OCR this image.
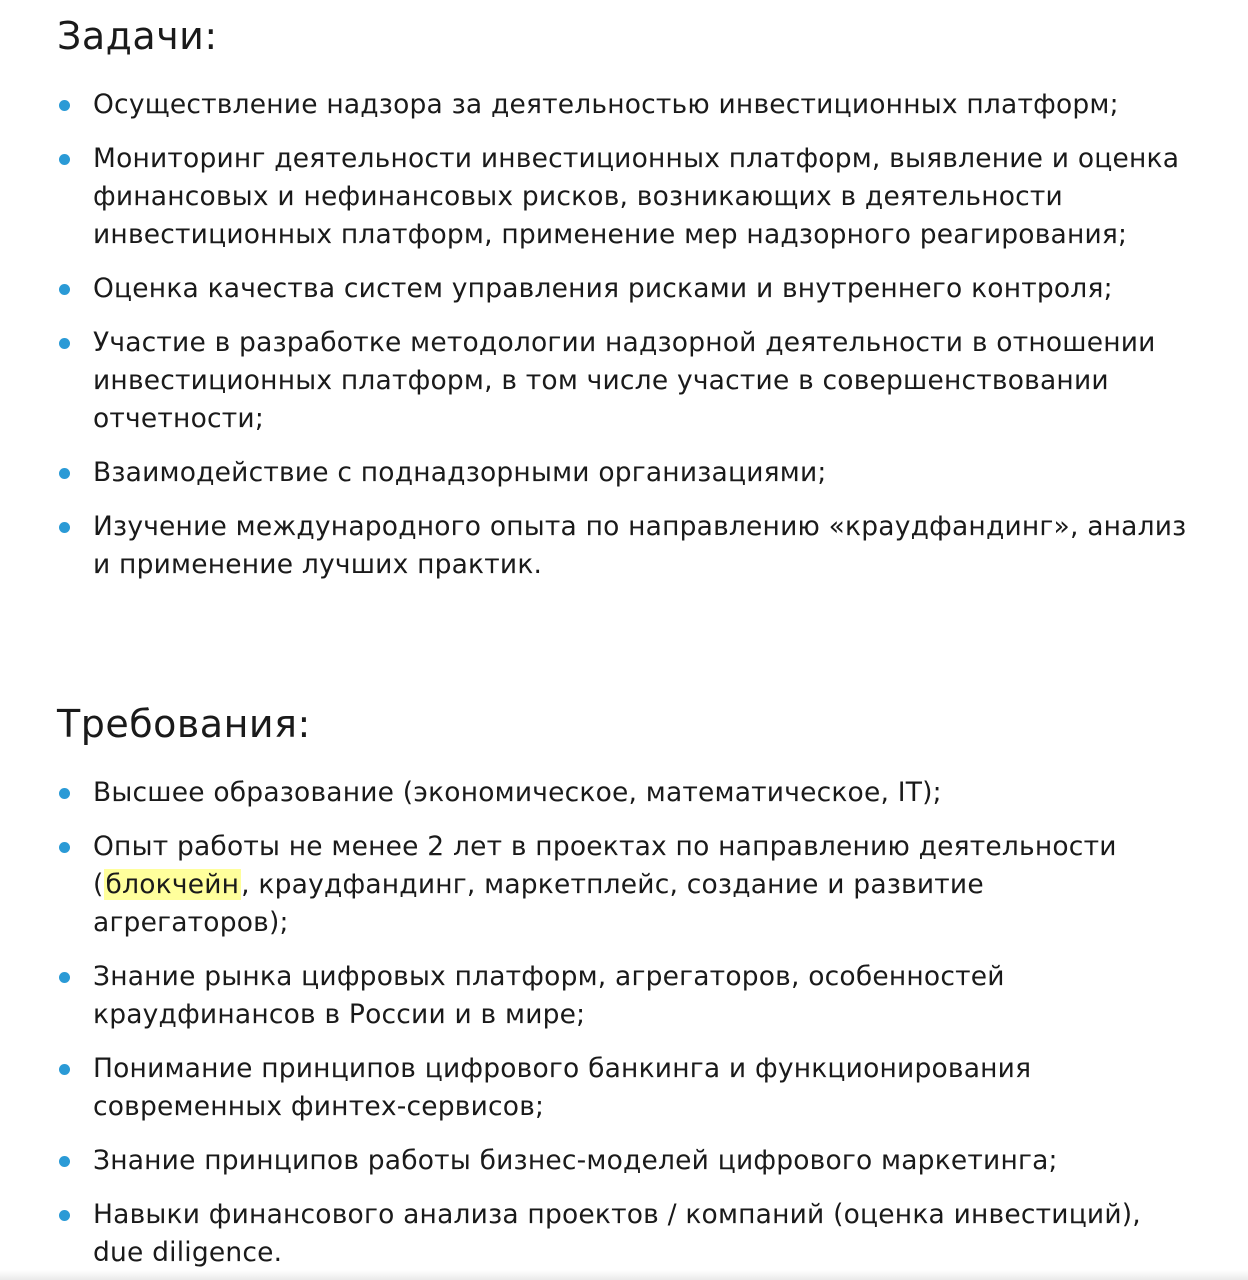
Задачи:
Осуществление надзора за деятельностью инвестиционных платформ;
Мониторинг деятельности инвестиционных платформ, выявление и оценка финансовых и нефинансовых рисков, возникающих в деятельности инвестиционных платформ, применение мер надзорного реагирования;
Оценка качества систем управления рисками и внутреннего контроля;
Участие в разработке методологии надзорной деятельности в отношении инвестиционных платформ, в том числе участие в совершенствовании отчетности;
Взаимодействие с поднадзорными организациями;
Изучение международного опыта по направлению «краудфандинг», анализ и применение лучших практик.
Требования:
Высшее образование (экономическое, математическое, IT);
Опыт работы не менее 2 лет в проектах по направлению деятельности (блокчейн, краудфандинг, маркетплейс, создание и развитие агрегаторов);
Знание рынка цифровых платформ, агрегаторов, особенностей краудфинансов в России и в мире;
Понимание принципов цифрового банкинга и функционирования современных финтех-сервисов;
Знание принципов работы бизнес-моделей цифрового маркетинга;
Навыки финансового анализа проектов / компаний (оценка инвестиций), due diligence.
